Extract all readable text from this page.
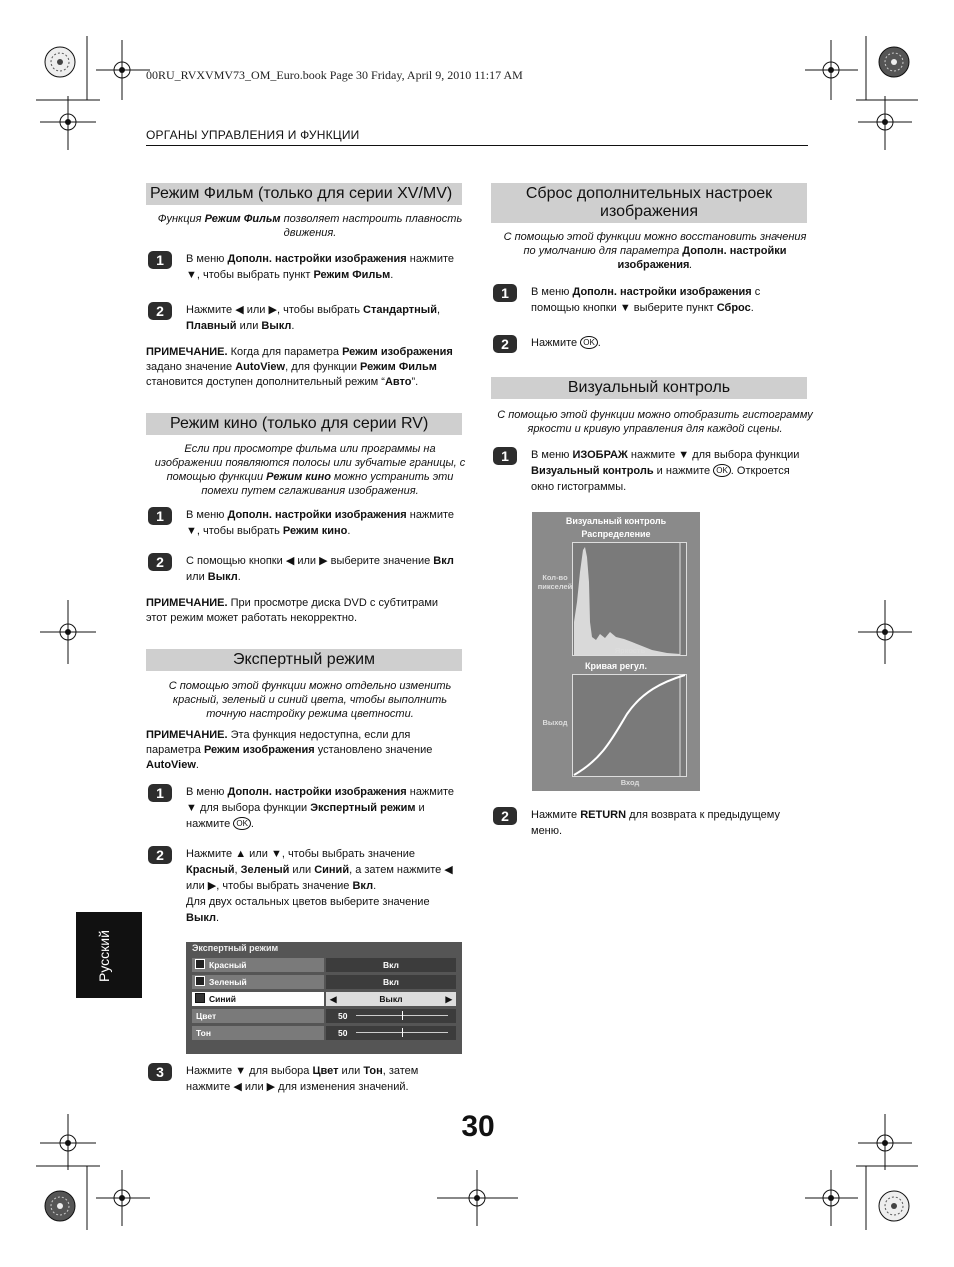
00RU_RVXVMV73_OM_Euro.book Page 30 Friday, April 9, 2010 11:17 AM
ОРГАНЫ УПРАВЛЕНИЯ И ФУНКЦИИ
Режим Фильм (только для серии XV/MV)
Функция Режим Фильм позволяет настроить плавность движения.
1	В меню Дополн. настройки изображения нажмите ▼, чтобы выбрать пункт Режим Фильм.
2	Нажмите ◀ или ▶, чтобы выбрать Стандартный, Плавный или Выкл.
ПРИМЕЧАНИЕ. Когда для параметра Режим изображения задано значение AutoView, для функции Режим Фильм становится доступен дополнительный режим “Авто”.
Режим кино (только для серии RV)
Если при просмотре фильма или программы на изображении появляются полосы или зубчатые границы, с помощью функции Режим кино можно устранить эти помехи путем сглаживания изображения.
1	В меню Дополн. настройки изображения нажмите ▼, чтобы выбрать Режим кино.
2	С помощью кнопки ◀ или ▶ выберите значение Вкл или Выкл.
ПРИМЕЧАНИЕ. При просмотре диска DVD с субтитрами этот режим может работать некорректно.
Экспертный режим
С помощью этой функции можно отдельно изменить красный, зеленый и синий цвета, чтобы выполнить точную настройку режима цветности.
ПРИМЕЧАНИЕ. Эта функция недоступна, если для параметра Режим изображения установлено значение AutoView.
1	В меню Дополн. настройки изображения нажмите ▼ для выбора функции Экспертный режим и нажмите OK .
2	Нажмите ▲ или ▼, чтобы выбрать значение Красный, Зеленый или Синий, а затем нажмите ◀ или ▶, чтобы выбрать значение Вкл.
Для двух остальных цветов выберите значение Выкл.
Экспертный режим
Красный	Вкл
Зеленый	Вкл
Синий	◀	Выкл	▶
Цвет	50
Тон	50
3	Нажмите ▼ для выбора Цвет или Тон, затем нажмите ◀ или ▶ для изменения значений.
Сброс дополнительных настроек
изображения
С помощью этой функции можно восстановить значения по умолчанию для параметра Дополн. настройки изображения.
1	В меню Дополн. настройки изображения с помощью кнопки ▼ выберите пункт Сброс.
2	Нажмите OK .
Визуальный контроль
С помощью этой функции можно отобразить гистограмму яркости и кривую управления для каждой сцены.
1	В меню ИЗОБРАЖ нажмите ▼ для выбора функции Визуальный контроль и нажмите OK . Откроется окно гистограммы.
Визуальный контроль
Распределение
Кол-во
пикселей
Яркость
Кривая регул.
Выход
Вход
2	Нажмите RETURN для возврата к предыдущему меню.
Русский
30
